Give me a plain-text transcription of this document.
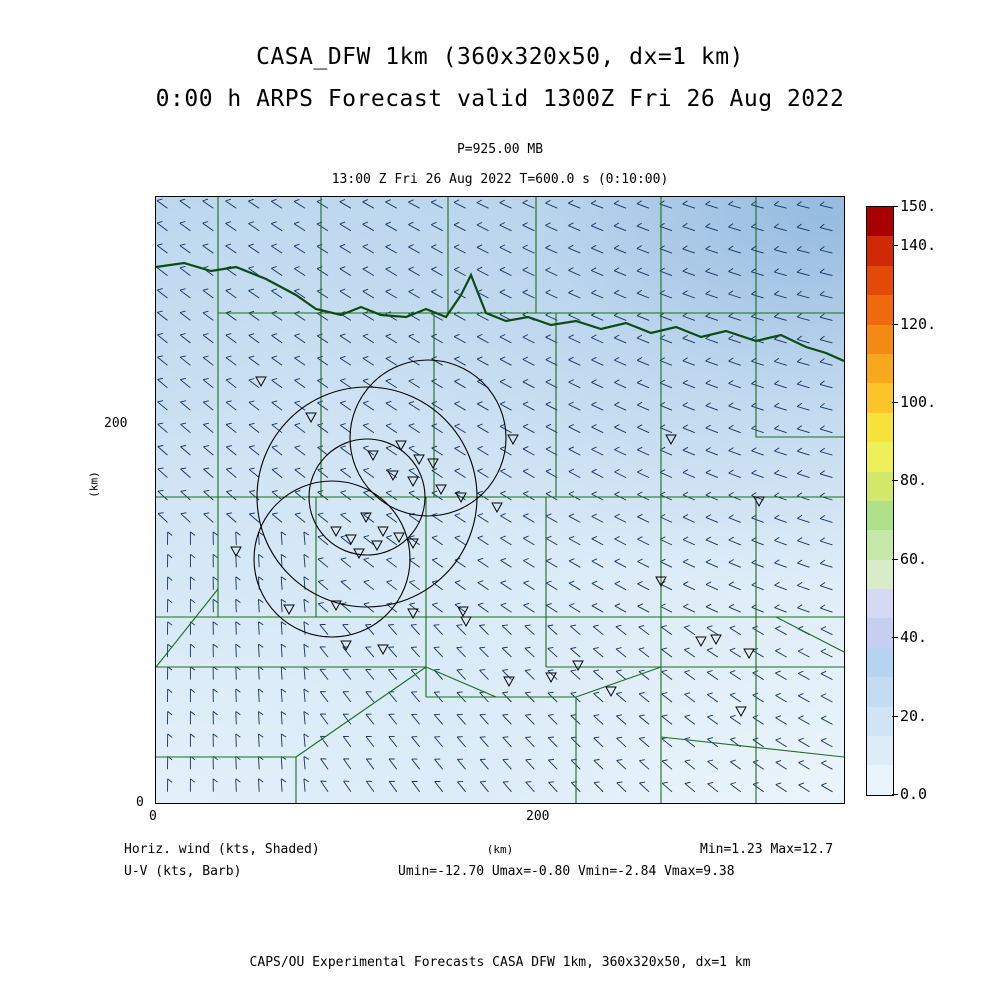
CASA_DFW 1km (360x320x50, dx=1 km)
0:00 h ARPS Forecast valid 1300Z Fri 26 Aug 2022
P=925.00 MB
13:00 Z Fri 26 Aug 2022 T=600.0 s (0:10:00)
(km)
200
0
0	200
(km)
Horiz. wind (kts, Shaded)
U-V (kts, Barb)
Min=1.23 Max=12.7
Umin=-12.70 Umax=-0.80 Vmin=-2.84 Vmax=9.38
CAPS/OU Experimental Forecasts CASA DFW 1km, 360x320x50, dx=1 km
0.0
20.
40.
60.
80.
100.
120.
140.
150.
